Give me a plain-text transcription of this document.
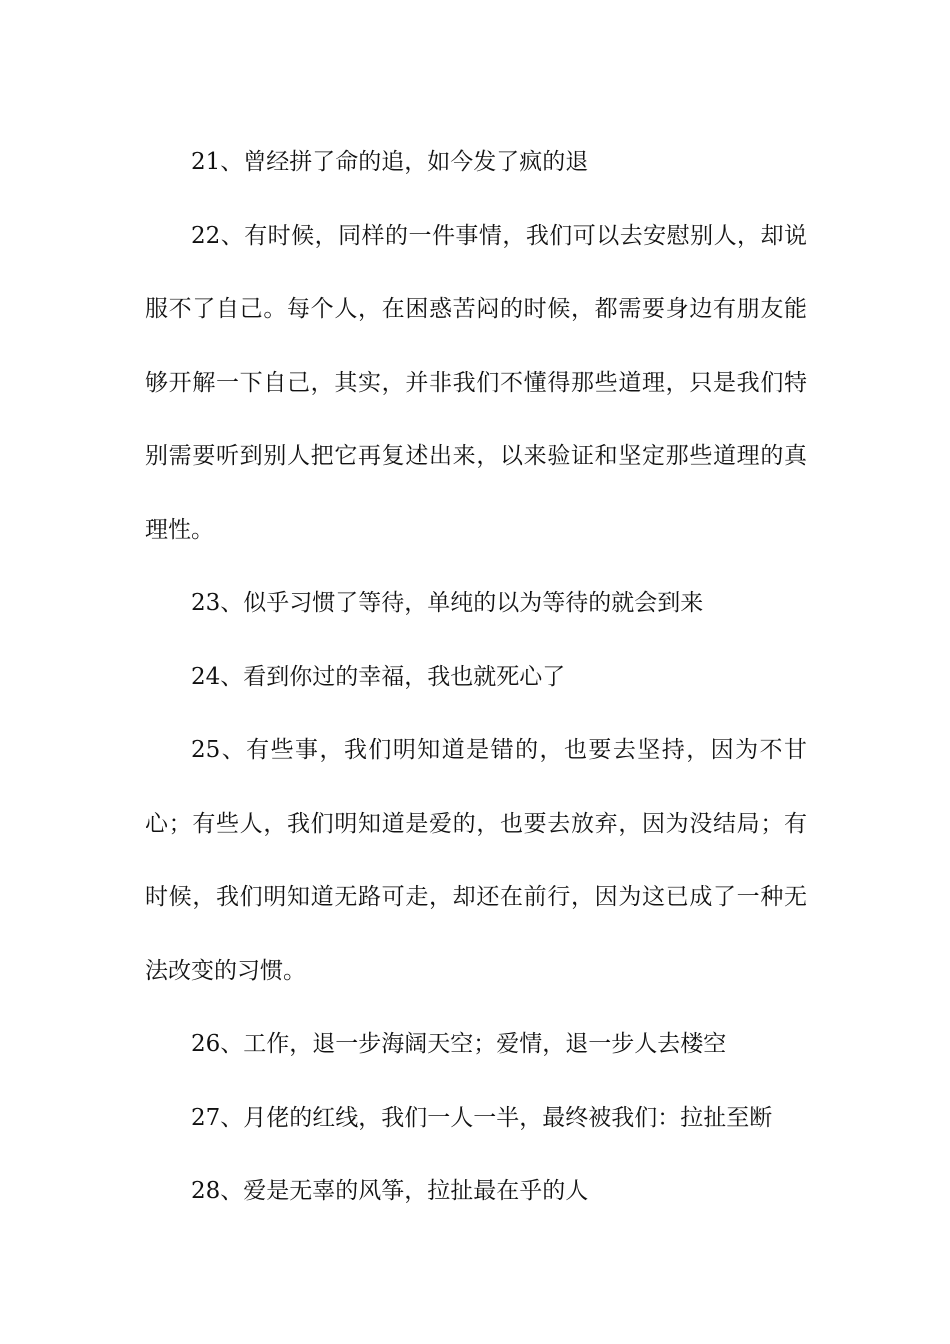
21、曾经拼了命的追，如今发了疯的退

22、有时候，同样的一件事情，我们可以去安慰别人，却说服不了自己。每个人，在困惑苦闷的时候，都需要身边有朋友能够开解一下自己，其实，并非我们不懂得那些道理，只是我们特别需要听到别人把它再复述出来，以来验证和坚定那些道理的真理性。

23、似乎习惯了等待，单纯的以为等待的就会到来

24、看到你过的幸福，我也就死心了

25、有些事，我们明知道是错的，也要去坚持，因为不甘心；有些人，我们明知道是爱的，也要去放弃，因为没结局；有时候，我们明知道无路可走，却还在前行，因为这已成了一种无法改变的习惯。

26、工作，退一步海阔天空；爱情，退一步人去楼空

27、月佬的红线，我们一人一半，最终被我们：拉扯至断

28、爱是无辜的风筝，拉扯最在乎的人
